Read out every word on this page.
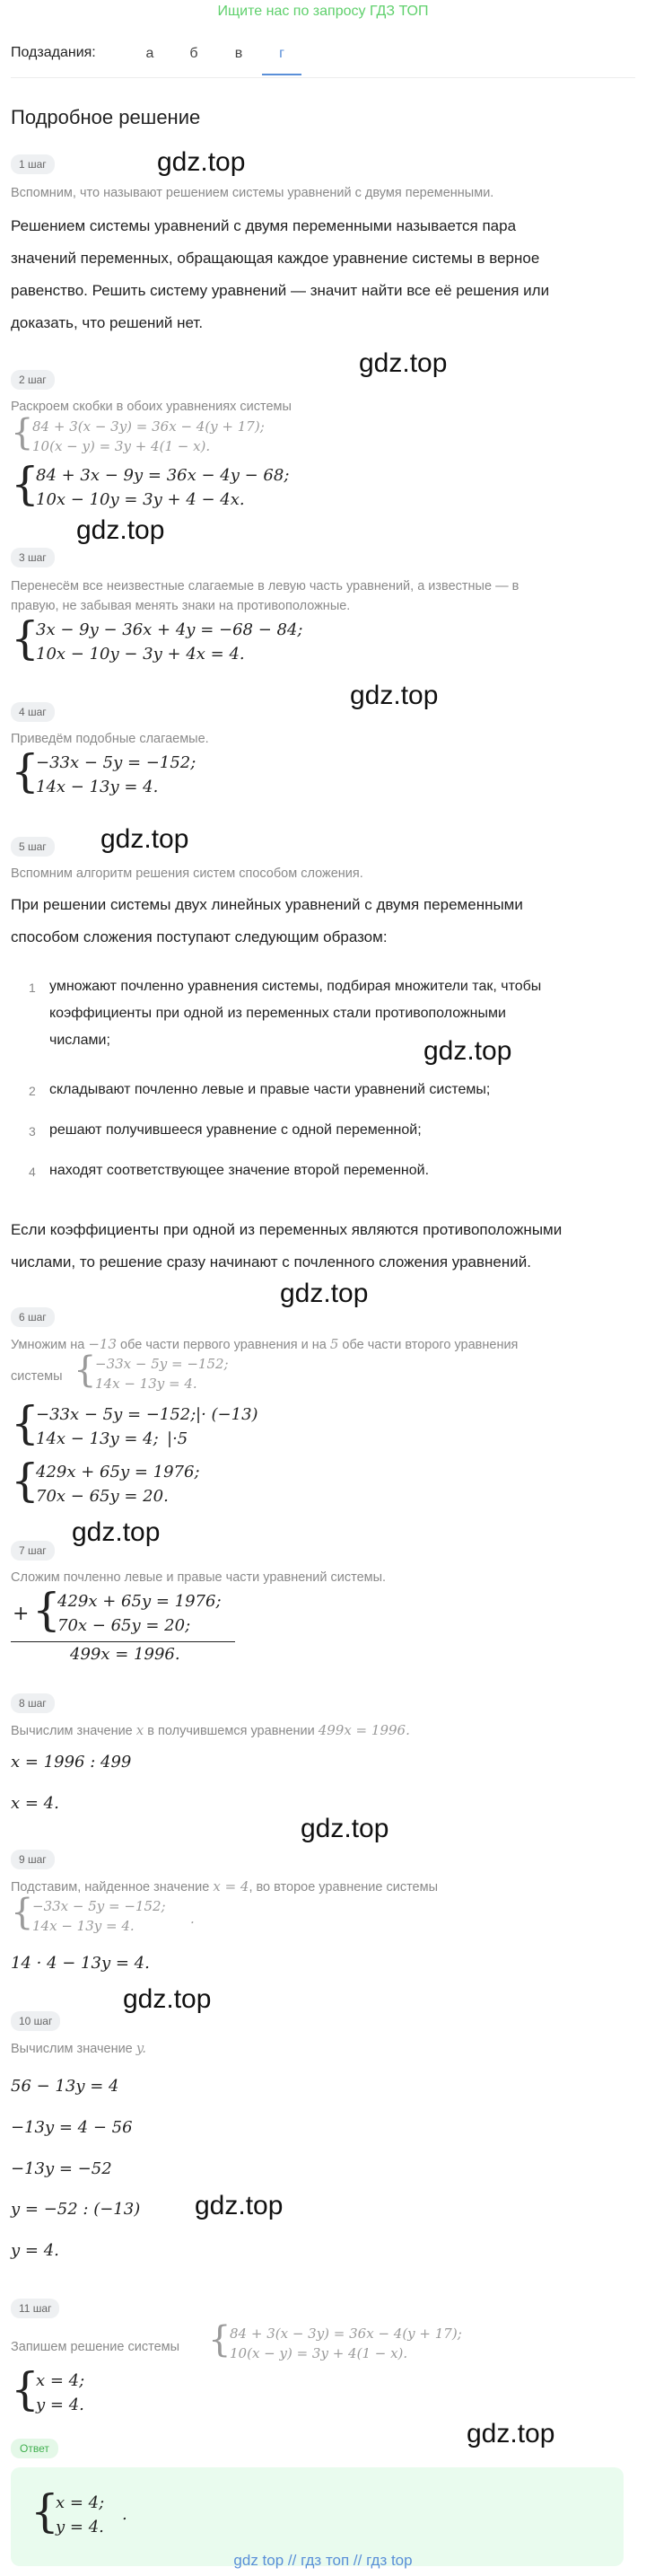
Ищите нас по запросу ГДЗ ТОП
Подзадания:	а	б	в	г
Подробное решение
1 шаг	gdz.top
Вспомним, что называют решением системы уравнений с двумя переменными.
Решением системы уравнений с двумя переменными называется пара
значений переменных, обращающая каждое уравнение системы в верное
равенство. Решить систему уравнений — значит найти все её решения или
доказать, что решений нет.
gdz.top
2 шаг
Раскроем скобки в обоих уравнениях системы
{
84 + 3(x − 3y) = 36x − 4(y + 17);
10(x − y) = 3y + 4(1 − x).
{
84 + 3x − 9y = 36x − 4y − 68;
10x − 10y = 3y + 4 − 4x.
gdz.top
3 шаг
Перенесём все неизвестные слагаемые в левую часть уравнений, а известные — в
правую, не забывая менять знаки на противоположные.
{
3x − 9y − 36x + 4y = −68 − 84;
10x − 10y − 3y + 4x = 4.
gdz.top
4 шаг
Приведём подобные слагаемые.
{
−33x − 5y = −152;
14x − 13y = 4.
gdz.top
5 шаг
Вспомним алгоритм решения систем способом сложения.
При решении системы двух линейных уравнений с двумя переменными
способом сложения поступают следующим образом:
1 умножают почленно уравнения системы, подбирая множители так, чтобы
коэффициенты при одной из переменных стали противоположными
числами;	gdz.top
2 складывают почленно левые и правые части уравнений системы;
3 решают получившееся уравнение с одной переменной;
4 находят соответствующее значение второй переменной.
Если коэффициенты при одной из переменных являются противоположными
числами, то решение сразу начинают с почленного сложения уравнений.
gdz.top
6 шаг
Умножим на −13 обе части первого уравнения и на 5 обе части второго уравнения
системы {
−33x − 5y = −152;
14x − 13y = 4.
{
−33x − 5y = −152; |· (−13)
14x − 13y = 4; |·5
{
429x + 65y = 1976;
70x − 65y = 20.
gdz.top
7 шаг
Сложим почленно левые и правые части уравнений системы.
+ {
429x + 65y = 1976;
70x − 65y = 20;
499x = 1996.
8 шаг
Вычислим значение x в получившемся уравнении 499x = 1996.
x = 1996 : 499
x = 4.
gdz.top
9 шаг
Подставим, найденное значение x = 4, во второе уравнение системы
{
−33x − 5y = −152;
14x − 13y = 4.	.
14 · 4 − 13y = 4.
gdz.top
10 шаг
Вычислим значение y.
56 − 13y = 4
−13y = 4 − 56
−13y = −52
y = −52 : (−13) gdz.top
y = 4.
11 шаг
Запишем решение системы {
84 + 3(x − 3y) = 36x − 4(y + 17);
10(x − y) = 3y + 4(1 − x).
{
x = 4;
y = 4.
gdz.top
Ответ
{
x = 4;
y = 4.
.
gdz top // гдз топ // гдз top
